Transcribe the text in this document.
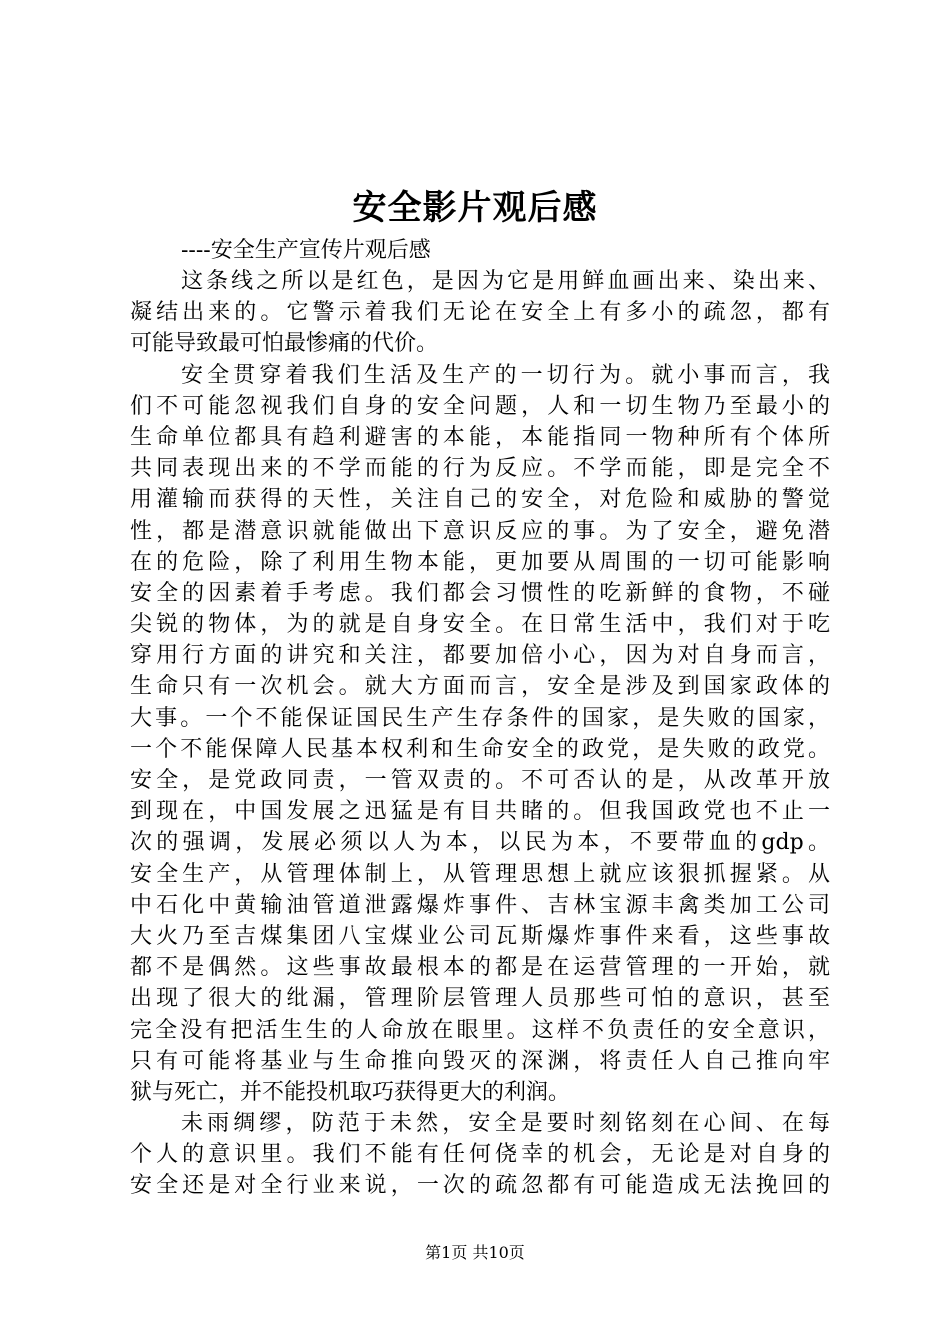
安全影片观后感
----安全生产宣传片观后感
这条线之所以是红色，是因为它是用鲜血画出来、染出来、
凝结出来的。它警示着我们无论在安全上有多小的疏忽，都有
可能导致最可怕最惨痛的代价。
安全贯穿着我们生活及生产的一切行为。就小事而言，我
们不可能忽视我们自身的安全问题，人和一切生物乃至最小的
生命单位都具有趋利避害的本能，本能指同一物种所有个体所
共同表现出来的不学而能的行为反应。不学而能，即是完全不
用灌输而获得的天性，关注自己的安全，对危险和威胁的警觉
性，都是潜意识就能做出下意识反应的事。为了安全，避免潜
在的危险，除了利用生物本能，更加要从周围的一切可能影响
安全的因素着手考虑。我们都会习惯性的吃新鲜的食物，不碰
尖锐的物体，为的就是自身安全。在日常生活中，我们对于吃
穿用行方面的讲究和关注，都要加倍小心，因为对自身而言，
生命只有一次机会。就大方面而言，安全是涉及到国家政体的
大事。一个不能保证国民生产生存条件的国家，是失败的国家，
一个不能保障人民基本权利和生命安全的政党，是失败的政党。
安全，是党政同责，一管双责的。不可否认的是，从改革开放
到现在，中国发展之迅猛是有目共睹的。但我国政党也不止一
次的强调，发展必须以人为本，以民为本，不要带血的gdp。
安全生产，从管理体制上，从管理思想上就应该狠抓握紧。从
中石化中黄输油管道泄露爆炸事件、吉林宝源丰禽类加工公司
大火乃至吉煤集团八宝煤业公司瓦斯爆炸事件来看，这些事故
都不是偶然。这些事故最根本的都是在运营管理的一开始，就
出现了很大的纰漏，管理阶层管理人员那些可怕的意识，甚至
完全没有把活生生的人命放在眼里。这样不负责任的安全意识，
只有可能将基业与生命推向毁灭的深渊，将责任人自己推向牢
狱与死亡，并不能投机取巧获得更大的利润。
未雨绸缪，防范于未然，安全是要时刻铭刻在心间、在每
个人的意识里。我们不能有任何侥幸的机会，无论是对自身的
安全还是对全行业来说，一次的疏忽都有可能造成无法挽回的
第1页 共10页
